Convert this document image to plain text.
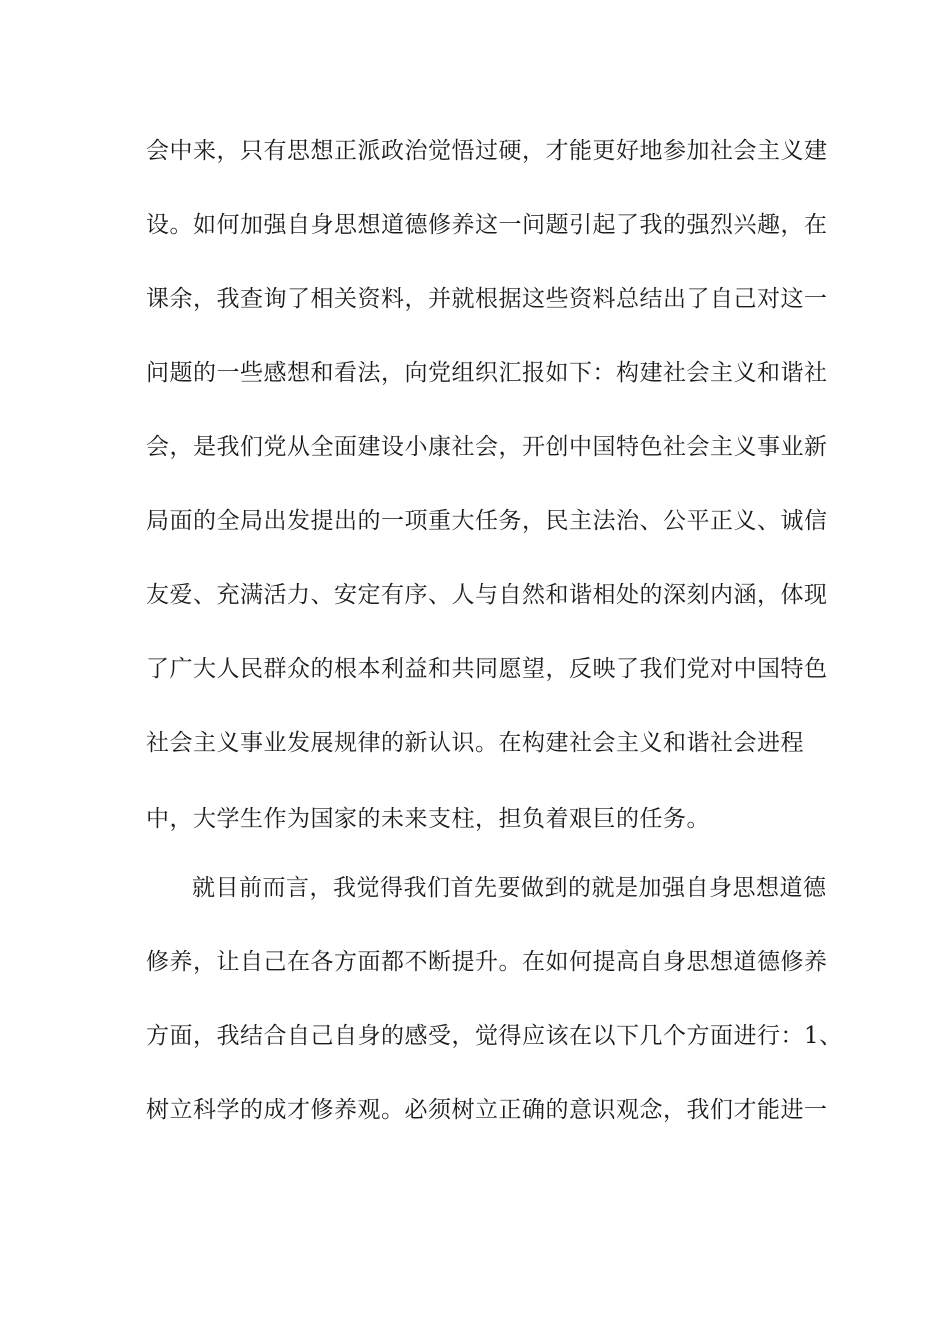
会中来，只有思想正派政治觉悟过硬，才能更好地参加社会主义建
设。如何加强自身思想道德修养这一问题引起了我的强烈兴趣，在
课余，我查询了相关资料，并就根据这些资料总结出了自己对这一
问题的一些感想和看法，向党组织汇报如下：构建社会主义和谐社
会，是我们党从全面建设小康社会，开创中国特色社会主义事业新
局面的全局出发提出的一项重大任务，民主法治、公平正义、诚信
友爱、充满活力、安定有序、人与自然和谐相处的深刻内涵，体现
了广大人民群众的根本利益和共同愿望，反映了我们党对中国特色
社会主义事业发展规律的新认识。在构建社会主义和谐社会进程
中，大学生作为国家的未来支柱，担负着艰巨的任务。
就目前而言，我觉得我们首先要做到的就是加强自身思想道德
修养，让自己在各方面都不断提升。在如何提高自身思想道德修养
方面，我结合自己自身的感受，觉得应该在以下几个方面进行：1、
树立科学的成才修养观。必须树立正确的意识观念，我们才能进一
